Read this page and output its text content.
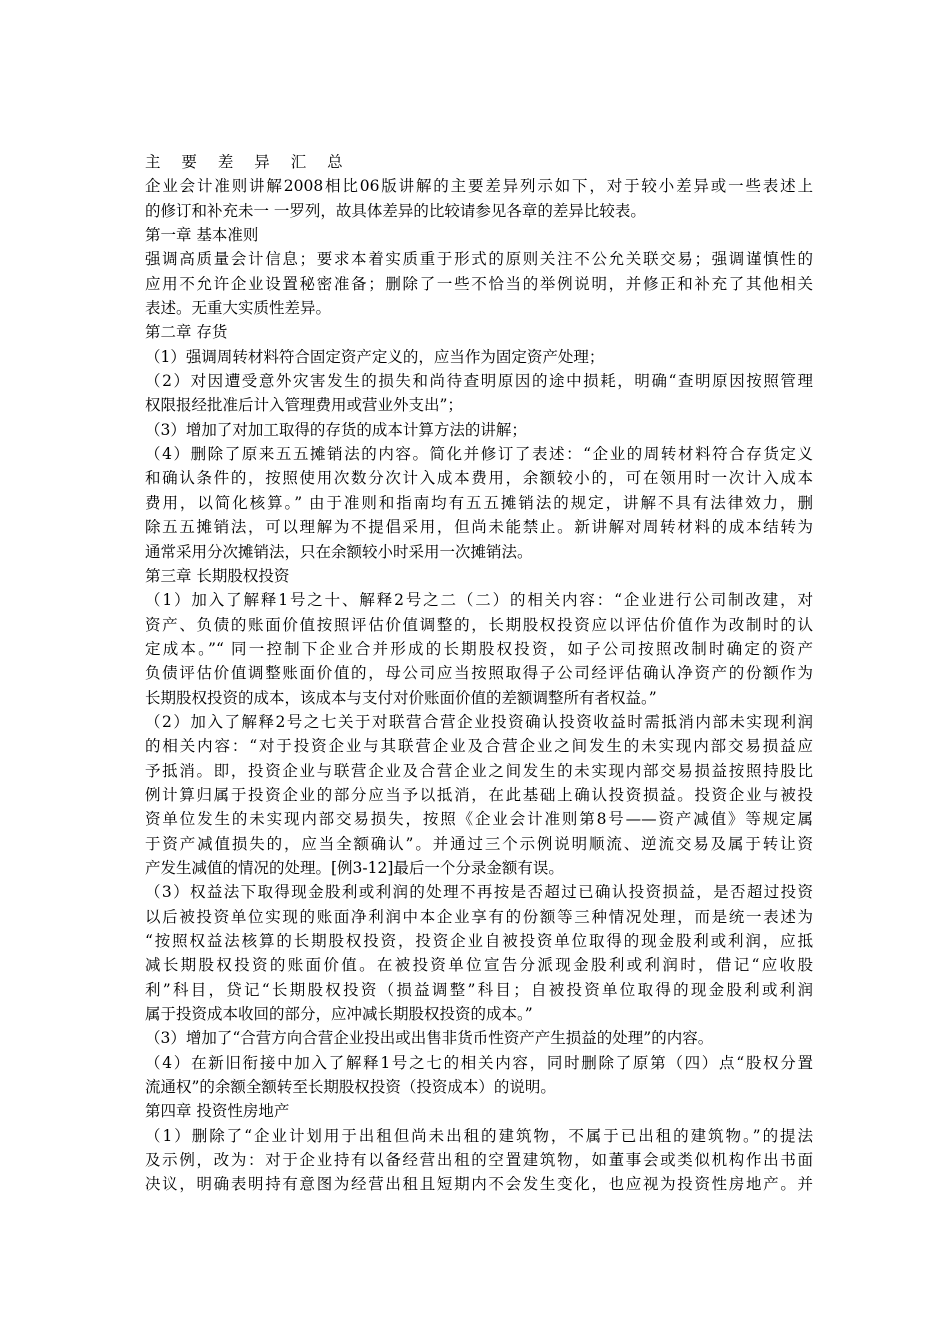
主 要 差 异 汇 总
企业会计准则讲解2008相比06版讲解的主要差异列示如下，对于较小差异或一些表述上
的修订和补充未一 一罗列，故具体差异的比较请参见各章的差异比较表。
第一章 基本准则
强调高质量会计信息；要求本着实质重于形式的原则关注不公允关联交易；强调谨慎性的
应用不允许企业设置秘密准备；删除了一些不恰当的举例说明，并修正和补充了其他相关
表述。无重大实质性差异。
第二章 存货
（1）强调周转材料符合固定资产定义的，应当作为固定资产处理；
（2）对因遭受意外灾害发生的损失和尚待查明原因的途中损耗，明确“查明原因按照管理
权限报经批准后计入管理费用或营业外支出”；
（3）增加了对加工取得的存货的成本计算方法的讲解；
（4）删除了原来五五摊销法的内容。简化并修订了表述：“企业的周转材料符合存货定义
和确认条件的，按照使用次数分次计入成本费用，余额较小的，可在领用时一次计入成本
费用，以简化核算。” 由于准则和指南均有五五摊销法的规定，讲解不具有法律效力，删
除五五摊销法，可以理解为不提倡采用，但尚未能禁止。新讲解对周转材料的成本结转为
通常采用分次摊销法，只在余额较小时采用一次摊销法。
第三章 长期股权投资
（1）加入了解释1号之十、解释2号之二（二）的相关内容：“企业进行公司制改建，对
资产、负债的账面价值按照评估价值调整的，长期股权投资应以评估价值作为改制时的认
定成本。”“ 同一控制下企业合并形成的长期股权投资，如子公司按照改制时确定的资产
负债评估价值调整账面价值的，母公司应当按照取得子公司经评估确认净资产的份额作为
长期股权投资的成本，该成本与支付对价账面价值的差额调整所有者权益。”
（2）加入了解释2号之七关于对联营合营企业投资确认投资收益时需抵消内部未实现利润
的相关内容：“对于投资企业与其联营企业及合营企业之间发生的未实现内部交易损益应
予抵消。即，投资企业与联营企业及合营企业之间发生的未实现内部交易损益按照持股比
例计算归属于投资企业的部分应当予以抵消，在此基础上确认投资损益。投资企业与被投
资单位发生的未实现内部交易损失，按照《企业会计准则第8号——资产减值》等规定属
于资产减值损失的，应当全额确认”。并通过三个示例说明顺流、逆流交易及属于转让资
产发生减值的情况的处理。[例3-12]最后一个分录金额有误。
（3）权益法下取得现金股利或利润的处理不再按是否超过已确认投资损益，是否超过投资
以后被投资单位实现的账面净利润中本企业享有的份额等三种情况处理，而是统一表述为
“按照权益法核算的长期股权投资，投资企业自被投资单位取得的现金股利或利润，应抵
减长期股权投资的账面价值。在被投资单位宣告分派现金股利或利润时，借记“应收股
利”科目，贷记“长期股权投资（损益调整”科目；自被投资单位取得的现金股利或利润
属于投资成本收回的部分，应冲减长期股权投资的成本。”
（3）增加了“合营方向合营企业投出或出售非货币性资产产生损益的处理”的内容。
（4）在新旧衔接中加入了解释1号之七的相关内容，同时删除了原第（四）点“股权分置
流通权”的余额全额转至长期股权投资（投资成本）的说明。
第四章 投资性房地产
（1）删除了“企业计划用于出租但尚未出租的建筑物，不属于已出租的建筑物。”的提法
及示例，改为：对于企业持有以备经营出租的空置建筑物，如董事会或类似机构作出书面
决议，明确表明持有意图为经营出租且短期内不会发生变化，也应视为投资性房地产。并
